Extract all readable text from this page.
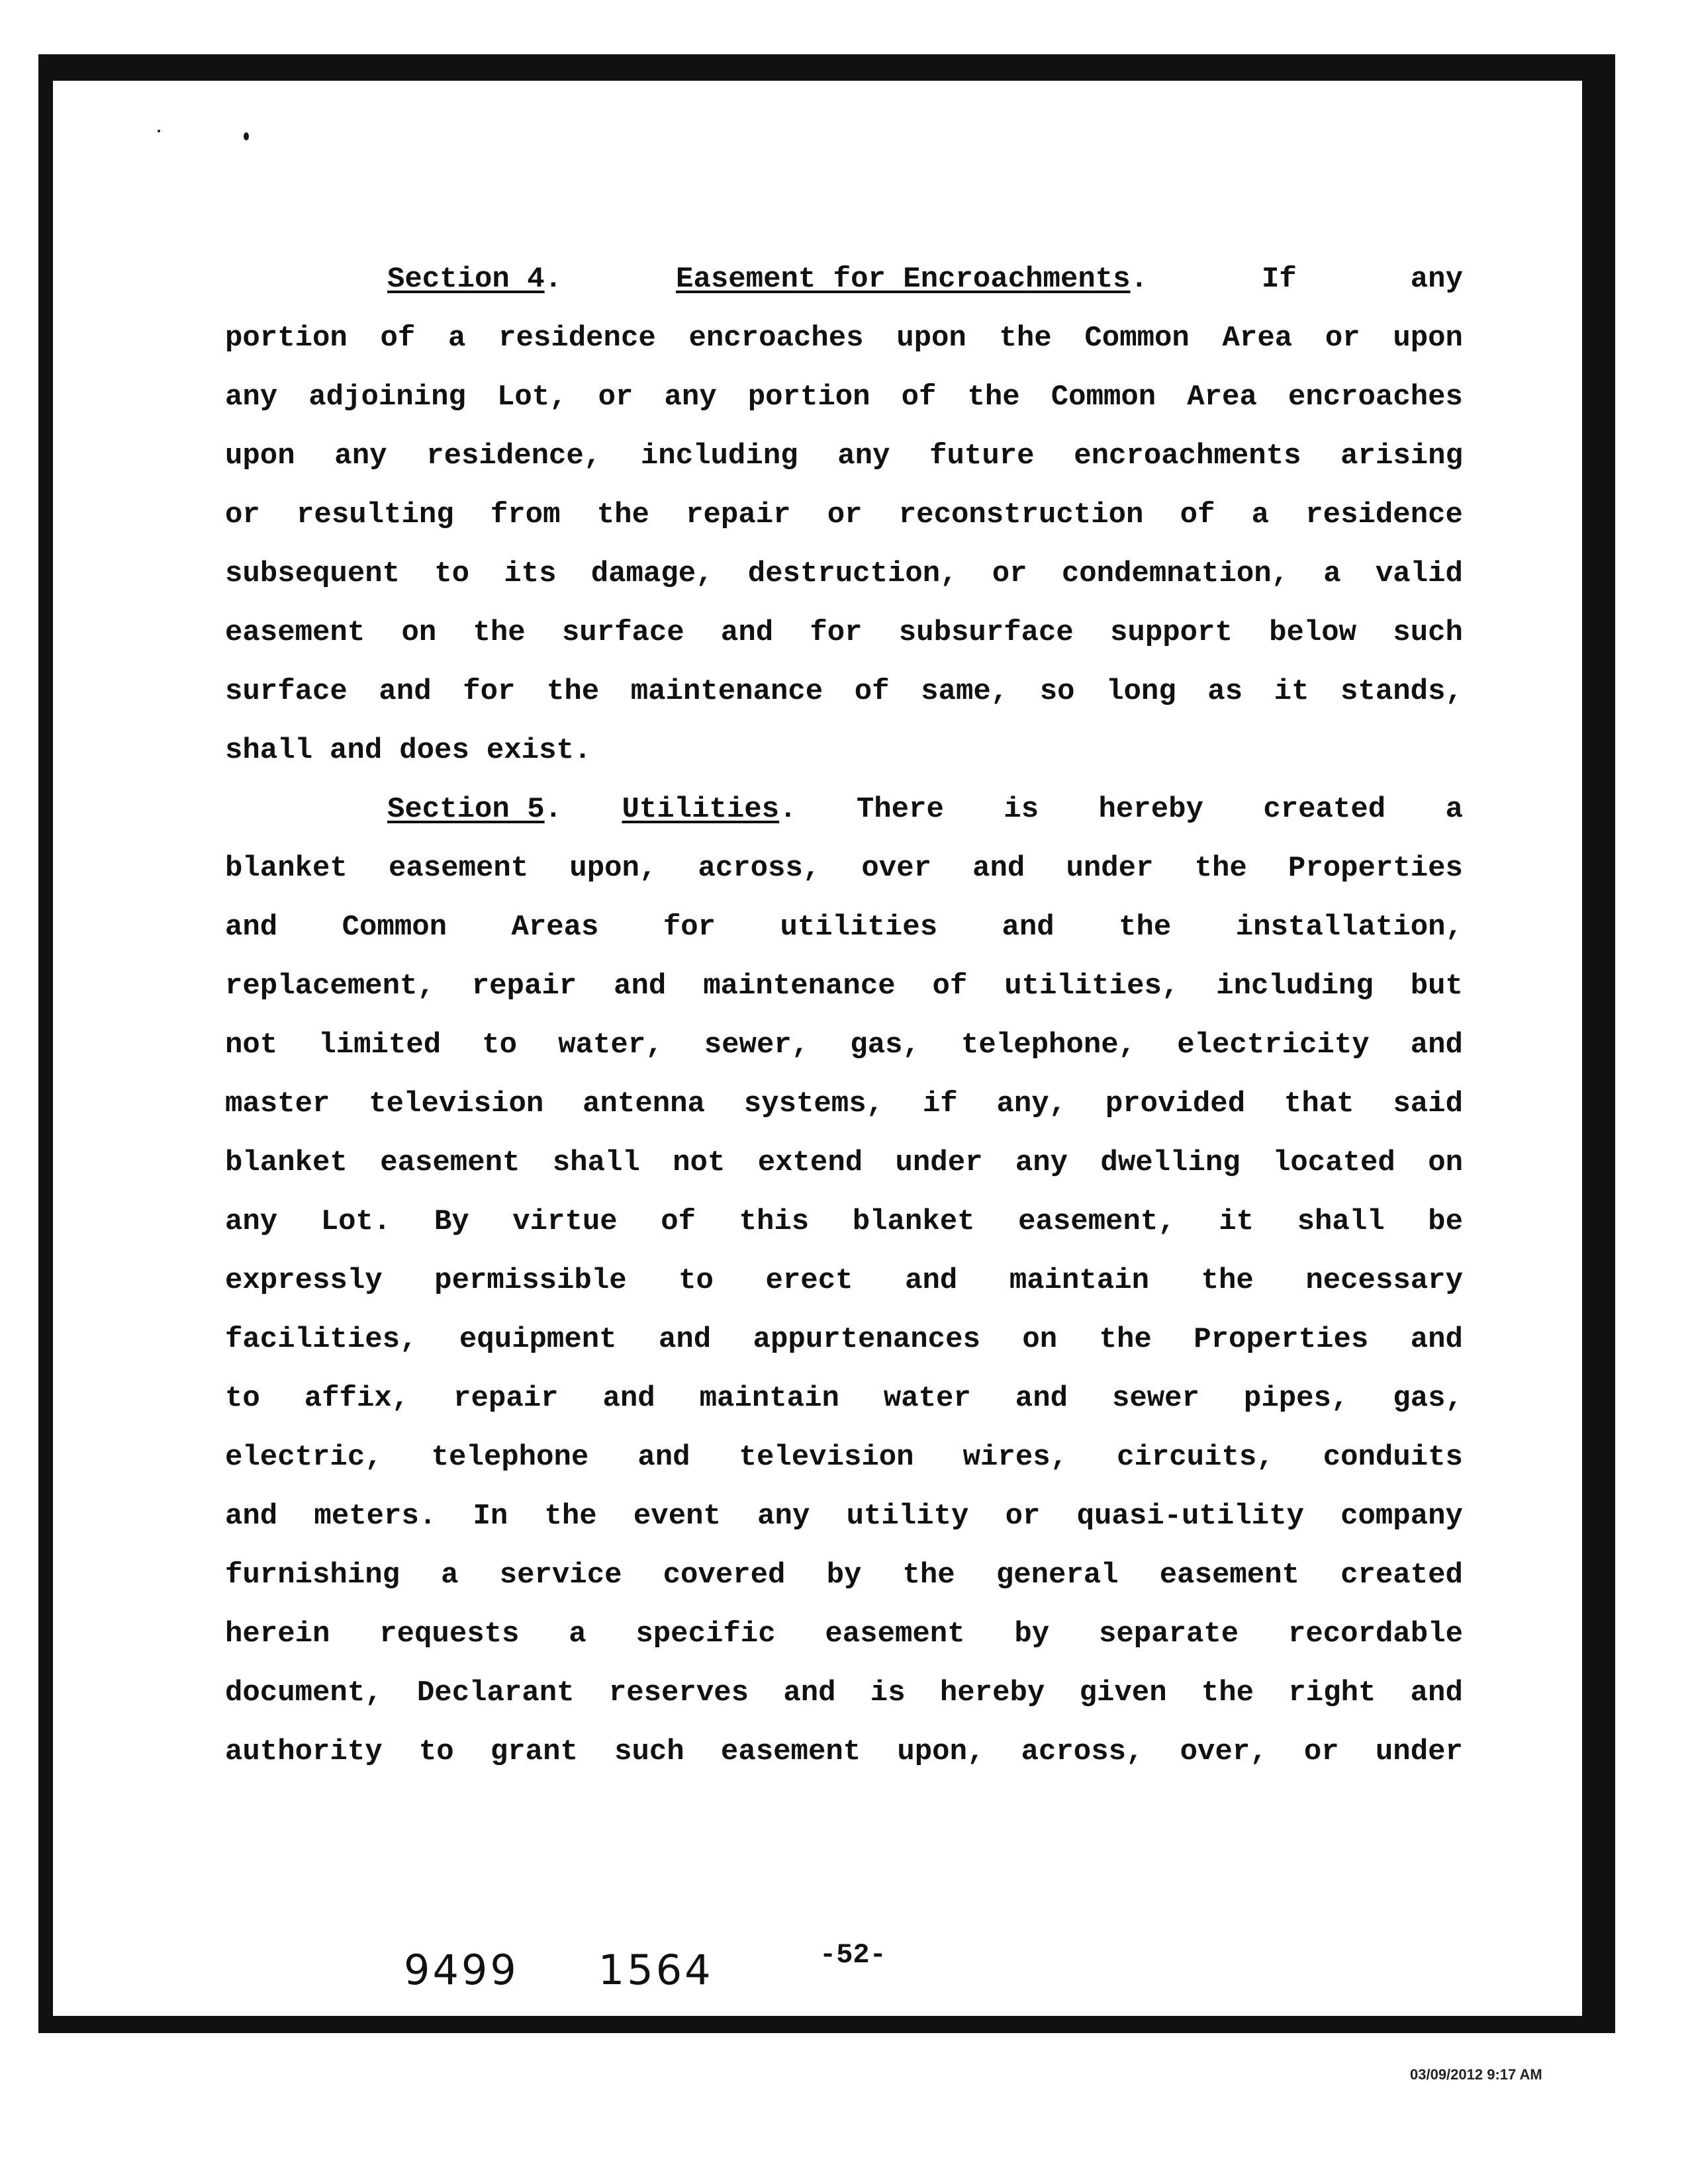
Section 4.	Easement for Encroachments.	If	any
portion of a residence encroaches upon the Common Area or upon
any adjoining Lot, or any portion of the Common Area encroaches
upon any residence, including any future encroachments arising
or resulting from the repair or reconstruction of a residence
subsequent to its damage, destruction, or condemnation, a valid
easement on the surface and for subsurface support below such
surface and for the maintenance of same, so long as it stands,
shall and does exist.
Section 5. Utilities. There is hereby created a
blanket easement upon, across, over and under the Properties
and Common Areas for utilities and the installation,
replacement, repair and maintenance of utilities, including but
not limited to water, sewer, gas, telephone, electricity and
master television antenna systems, if any, provided that said
blanket easement shall not extend under any dwelling located on
any Lot. By virtue of this blanket easement, it shall be
expressly permissible to erect and maintain the necessary
facilities, equipment and appurtenances on the Properties and
to affix, repair and maintain water and sewer pipes, gas,
electric, telephone and television wires, circuits, conduits
and meters. In the event any utility or quasi-utility company
furnishing a service covered by the general easement created
herein requests a specific easement by separate recordable
document, Declarant reserves and is hereby given the right and
authority to grant such easement upon, across, over, or under
9499 1564	-52-
03/09/2012 9:17 AM
